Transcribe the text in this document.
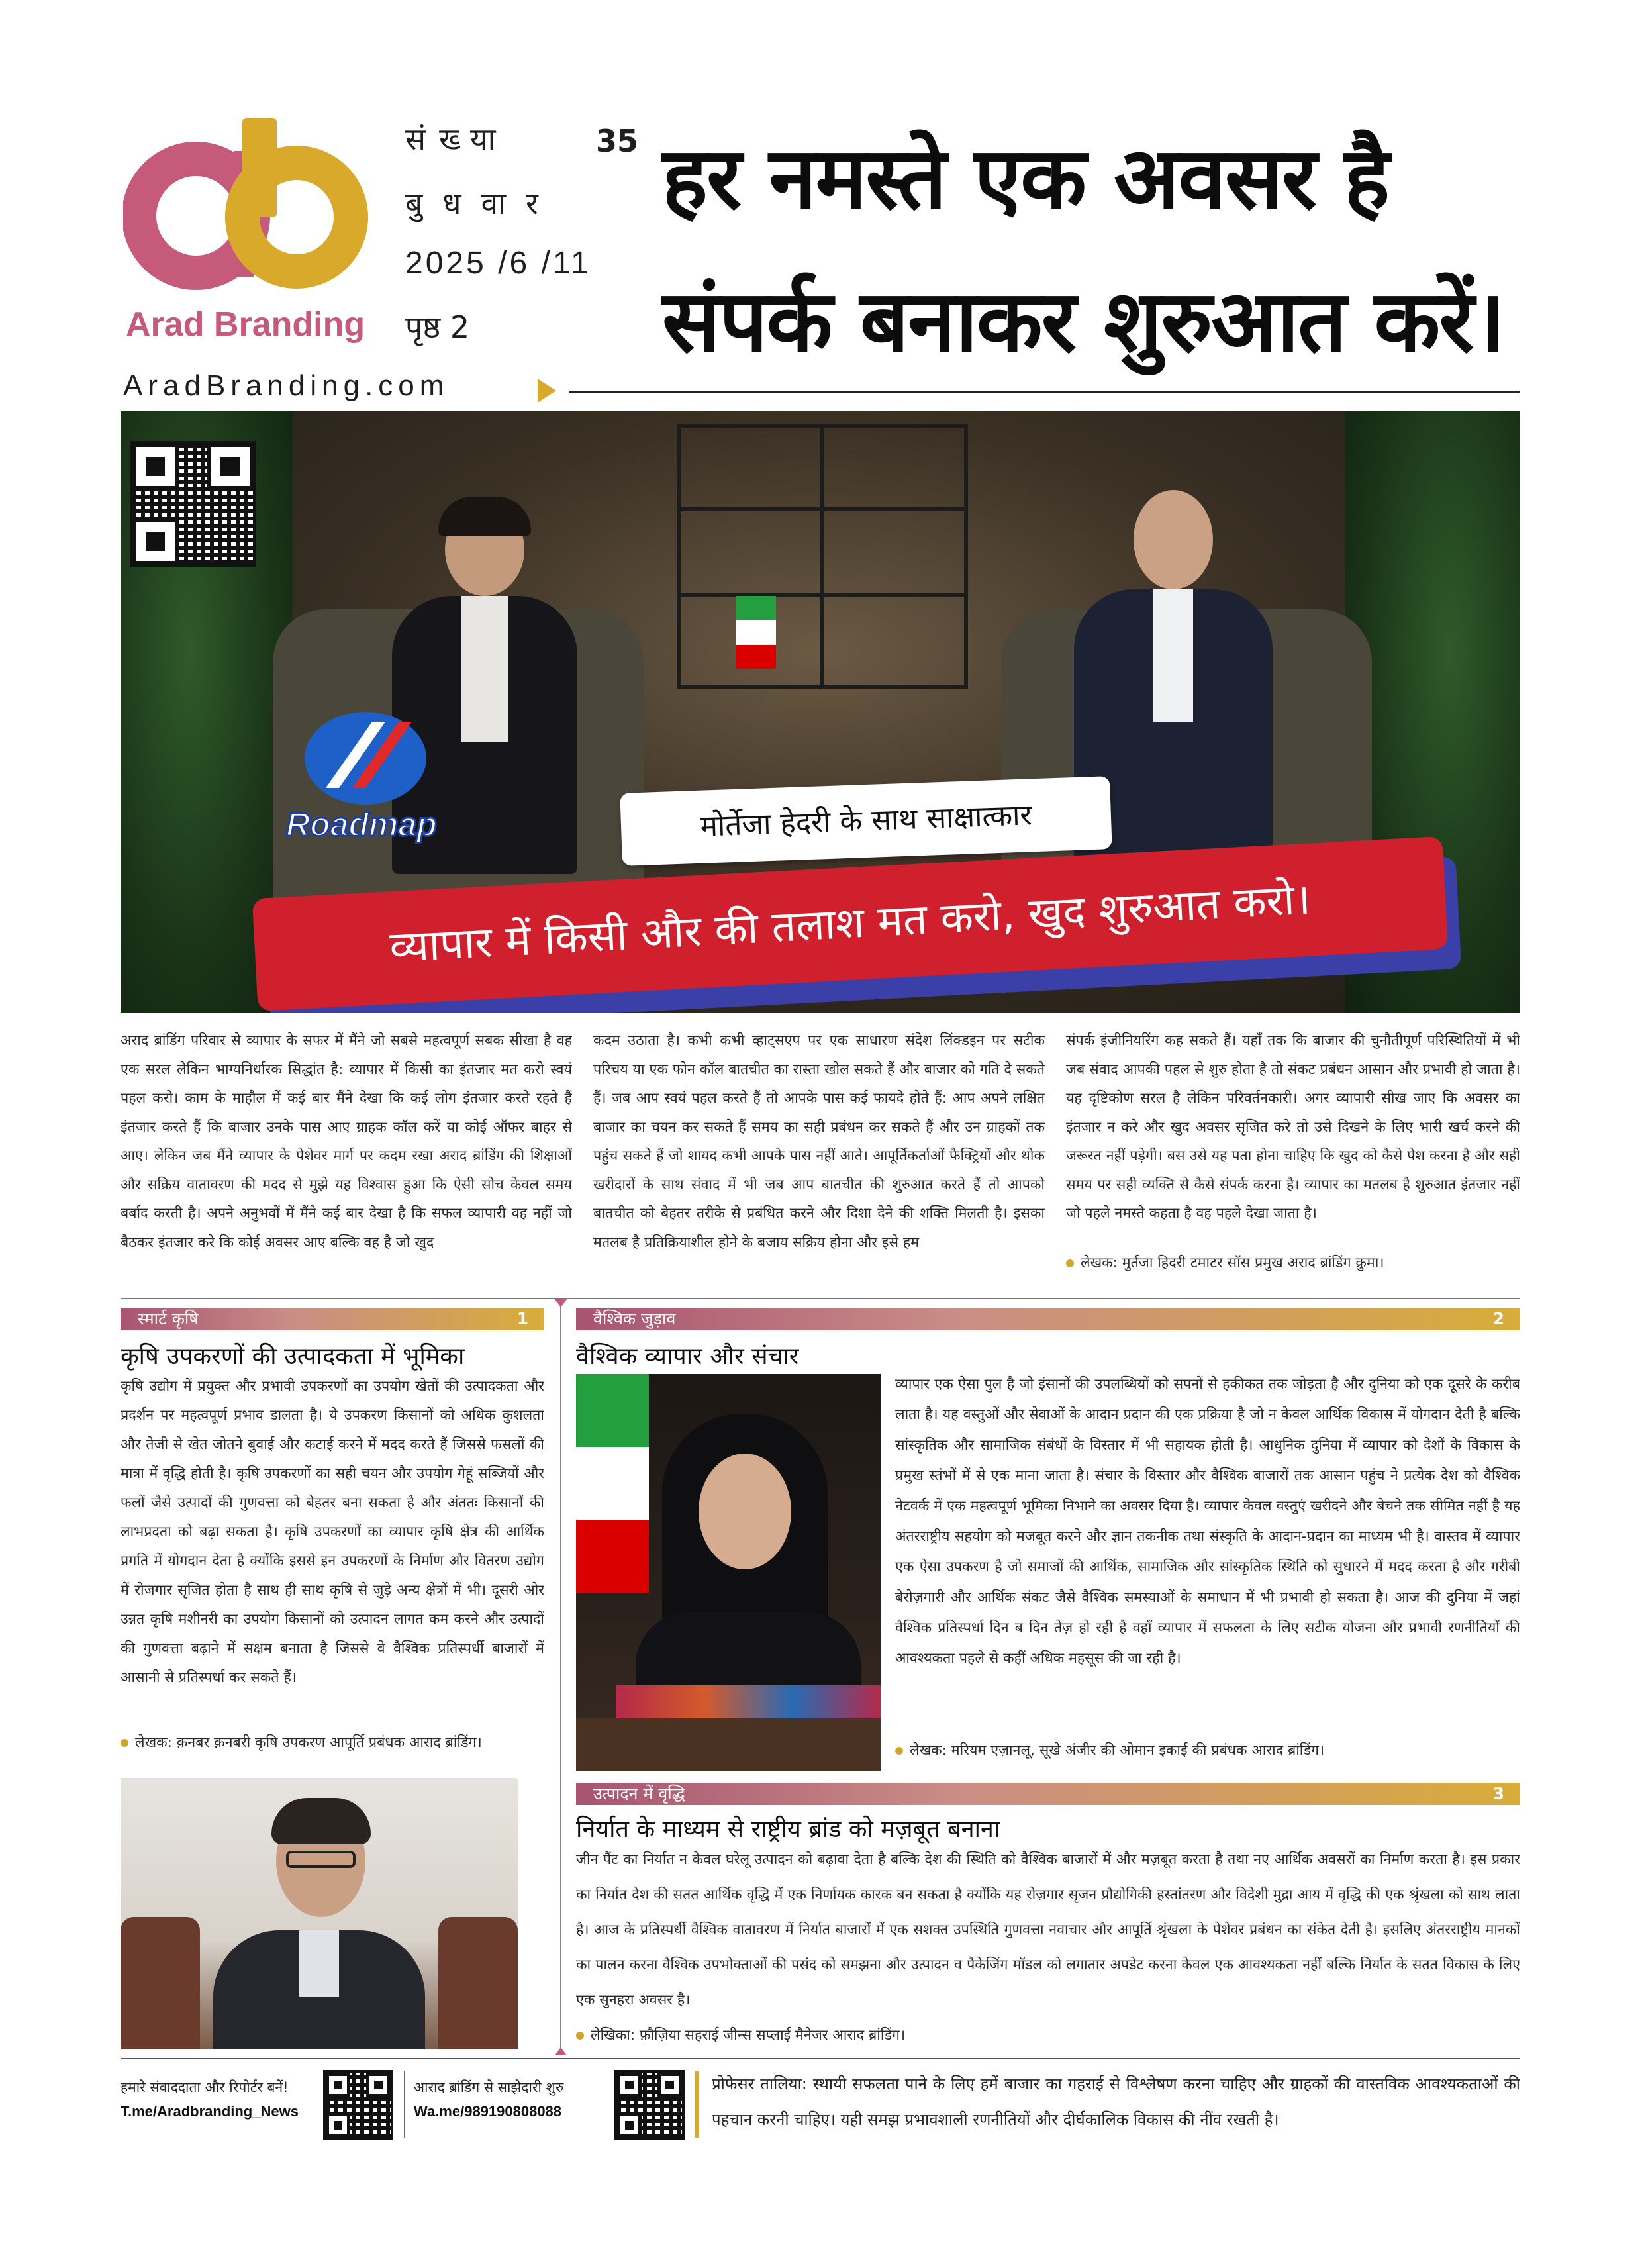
Arad Branding
संख्या	35
बुधवार
2025 /6 /11
पृष्ठ 2
हर नमस्ते एक अवसर है
संपर्क बनाकर शुरुआत करें।
AradBranding.com
Roadmap	मोर्तेजा हेदरी के साथ साक्षात्कार
व्यापार में किसी और की तलाश मत करो, खुद शुरुआत करो।

अराद ब्रांडिंग परिवार से व्यापार के सफर में मैंने जो सबसे महत्वपूर्ण सबक सीखा है वह एक सरल लेकिन भाग्यनिर्धारक सिद्धांत है: व्यापार में किसी का इंतजार मत करो स्वयं पहल करो। काम के माहौल में कई बार मैंने देखा कि कई लोग इंतजार करते रहते हैं इंतजार करते हैं कि बाजार उनके पास आए ग्राहक कॉल करें या कोई ऑफर बाहर से आए। लेकिन जब मैंने व्यापार के पेशेवर मार्ग पर कदम रखा अराद ब्रांडिंग की शिक्षाओं और सक्रिय वातावरण की मदद से मुझे यह विश्वास हुआ कि ऐसी सोच केवल समय बर्बाद करती है। अपने अनुभवों में मैंने कई बार देखा है कि सफल व्यापारी वह नहीं जो बैठकर इंतजार करे कि कोई अवसर आए बल्कि वह है जो खुद

कदम उठाता है। कभी कभी व्हाट्सएप पर एक साधारण संदेश लिंक्डइन पर सटीक परिचय या एक फोन कॉल बातचीत का रास्ता खोल सकते हैं और बाजार को गति दे सकते हैं। जब आप स्वयं पहल करते हैं तो आपके पास कई फायदे होते हैं: आप अपने लक्षित बाजार का चयन कर सकते हैं समय का सही प्रबंधन कर सकते हैं और उन ग्राहकों तक पहुंच सकते हैं जो शायद कभी आपके पास नहीं आते। आपूर्तिकर्ताओं फैक्ट्रियों और थोक खरीदारों के साथ संवाद में भी जब आप बातचीत की शुरुआत करते हैं तो आपको बातचीत को बेहतर तरीके से प्रबंधित करने और दिशा देने की शक्ति मिलती है। इसका मतलब है प्रतिक्रियाशील होने के बजाय सक्रिय होना और इसे हम

संपर्क इंजीनियरिंग कह सकते हैं। यहाँ तक कि बाजार की चुनौतीपूर्ण परिस्थितियों में भी जब संवाद आपकी पहल से शुरु होता है तो संकट प्रबंधन आसान और प्रभावी हो जाता है। यह दृष्टिकोण सरल है लेकिन परिवर्तनकारी। अगर व्यापारी सीख जाए कि अवसर का इंतजार न करे और खुद अवसर सृजित करे तो उसे दिखने के लिए भारी खर्च करने की जरूरत नहीं पड़ेगी। बस उसे यह पता होना चाहिए कि खुद को कैसे पेश करना है और सही समय पर सही व्यक्ति से कैसे संपर्क करना है। व्यापार का मतलब है शुरुआत इंतजार नहीं जो पहले नमस्ते कहता है वह पहले देखा जाता है।

लेखक: मुर्तजा हिदरी टमाटर सॉस प्रमुख अराद ब्रांडिंग क्रुमा।
स्मार्ट कृषि	1
कृषि उपकरणों की उत्पादकता में भूमिका

कृषि उद्योग में प्रयुक्त और प्रभावी उपकरणों का उपयोग खेतों की उत्पादकता और प्रदर्शन पर महत्वपूर्ण प्रभाव डालता है। ये उपकरण किसानों को अधिक कुशलता और तेजी से खेत जोतने बुवाई और कटाई करने में मदद करते हैं जिससे फसलों की मात्रा में वृद्धि होती है। कृषि उपकरणों का सही चयन और उपयोग गेहूं सब्जियों और फलों जैसे उत्पादों की गुणवत्ता को बेहतर बना सकता है और अंततः किसानों की लाभप्रदता को बढ़ा सकता है। कृषि उपकरणों का व्यापार कृषि क्षेत्र की आर्थिक प्रगति में योगदान देता है क्योंकि इससे इन उपकरणों के निर्माण और वितरण उद्योग में रोजगार सृजित होता है साथ ही साथ कृषि से जुड़े अन्य क्षेत्रों में भी। दूसरी ओर उन्नत कृषि मशीनरी का उपयोग किसानों को उत्पादन लागत कम करने और उत्पादों की गुणवत्ता बढ़ाने में सक्षम बनाता है जिससे वे वैश्विक प्रतिस्पर्धी बाजारों में आसानी से प्रतिस्पर्धा कर सकते हैं।

लेखक: क़नबर क़नबरी कृषि उपकरण आपूर्ति प्रबंधक आराद ब्रांडिंग।
वैश्विक जुड़ाव	2
वैश्विक व्यापार और संचार

व्यापार एक ऐसा पुल है जो इंसानों की उपलब्धियों को सपनों से हकीकत तक जोड़ता है और दुनिया को एक दूसरे के करीब लाता है। यह वस्तुओं और सेवाओं के आदान प्रदान की एक प्रक्रिया है जो न केवल आर्थिक विकास में योगदान देती है बल्कि सांस्कृतिक और सामाजिक संबंधों के विस्तार में भी सहायक होती है। आधुनिक दुनिया में व्यापार को देशों के विकास के प्रमुख स्तंभों में से एक माना जाता है। संचार के विस्तार और वैश्विक बाजारों तक आसान पहुंच ने प्रत्येक देश को वैश्विक नेटवर्क में एक महत्वपूर्ण भूमिका निभाने का अवसर दिया है। व्यापार केवल वस्तुएं खरीदने और बेचने तक सीमित नहीं है यह अंतरराष्ट्रीय सहयोग को मजबूत करने और ज्ञान तकनीक तथा संस्कृति के आदान-प्रदान का माध्यम भी है। वास्तव में व्यापार एक ऐसा उपकरण है जो समाजों की आर्थिक, सामाजिक और सांस्कृतिक स्थिति को सुधारने में मदद करता है और गरीबी बेरोज़गारी और आर्थिक संकट जैसे वैश्विक समस्याओं के समाधान में भी प्रभावी हो सकता है। आज की दुनिया में जहां वैश्विक प्रतिस्पर्धा दिन ब दिन तेज़ हो रही है वहाँ व्यापार में सफलता के लिए सटीक योजना और प्रभावी रणनीतियों की आवश्यकता पहले से कहीं अधिक महसूस की जा रही है।

लेखक: मरियम एज़ानलू, सूखे अंजीर की ओमान इकाई की प्रबंधक आराद ब्रांडिंग।
उत्पादन में वृद्धि	3
निर्यात के माध्यम से राष्ट्रीय ब्रांड को मज़बूत बनाना

जीन पैंट का निर्यात न केवल घरेलू उत्पादन को बढ़ावा देता है बल्कि देश की स्थिति को वैश्विक बाजारों में और मज़बूत करता है तथा नए आर्थिक अवसरों का निर्माण करता है। इस प्रकार का निर्यात देश की सतत आर्थिक वृद्धि में एक निर्णायक कारक बन सकता है क्योंकि यह रोज़गार सृजन प्रौद्योगिकी हस्तांतरण और विदेशी मुद्रा आय में वृद्धि की एक श्रृंखला को साथ लाता है। आज के प्रतिस्पर्धी वैश्विक वातावरण में निर्यात बाजारों में एक सशक्त उपस्थिति गुणवत्ता नवाचार और आपूर्ति श्रृंखला के पेशेवर प्रबंधन का संकेत देती है। इसलिए अंतरराष्ट्रीय मानकों का पालन करना वैश्विक उपभोक्ताओं की पसंद को समझना और उत्पादन व पैकेजिंग मॉडल को लगातार अपडेट करना केवल एक आवश्यकता नहीं बल्कि निर्यात के सतत विकास के लिए एक सुनहरा अवसर है।

लेखिका: फ़ौज़िया सहराई जीन्स सप्लाई मैनेजर आराद ब्रांडिंग।
हमारे संवाददाता और रिपोर्टर बनें!
T.me/Aradbranding_News
आराद ब्रांडिंग से साझेदारी शुरु
Wa.me/989190808088

प्रोफेसर तालिया: स्थायी सफलता पाने के लिए हमें बाजार का गहराई से विश्लेषण करना चाहिए और ग्राहकों की वास्तविक आवश्यकताओं की पहचान करनी चाहिए। यही समझ प्रभावशाली रणनीतियों और दीर्घकालिक विकास की नींव रखती है।
